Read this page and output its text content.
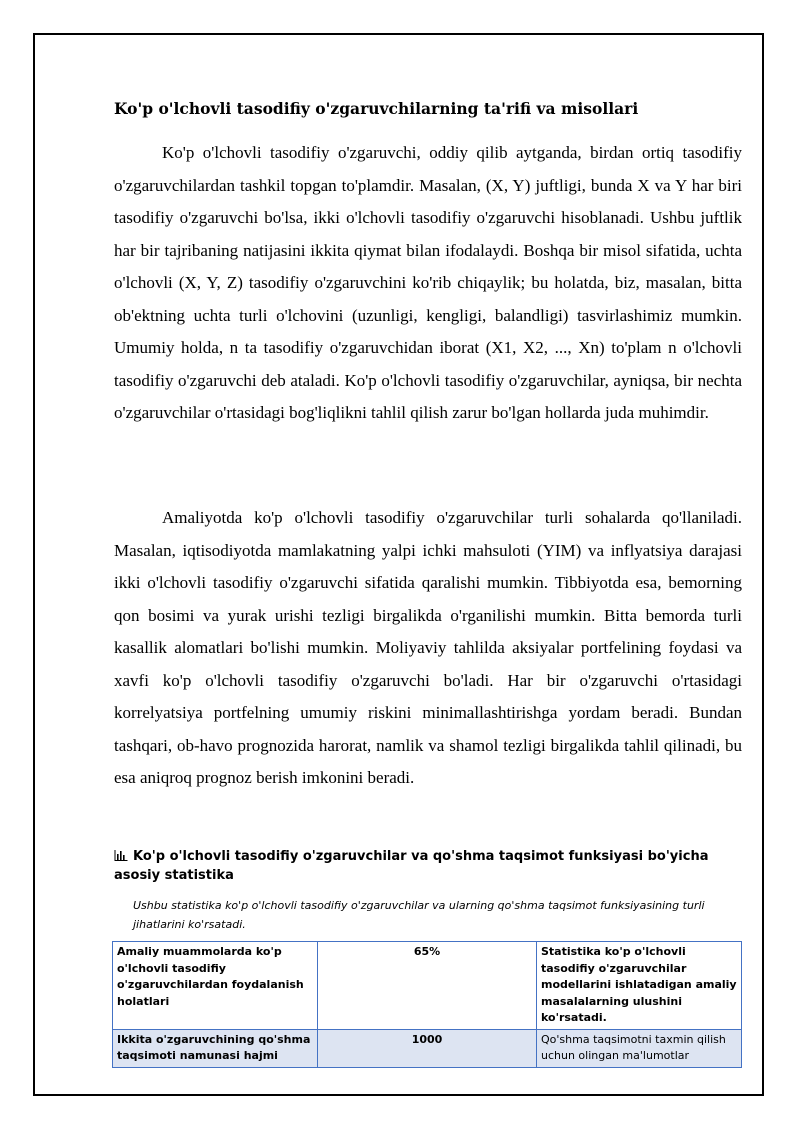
Ko'p o'lchovli tasodifiy o'zgaruvchilarning ta'rifi va misollari

Ko'p o'lchovli tasodifiy o'zgaruvchi, oddiy qilib aytganda, birdan ortiq tasodifiy o'zgaruvchilardan tashkil topgan to'plamdir. Masalan, (X, Y) juftligi, bunda X va Y har biri tasodifiy o'zgaruvchi bo'lsa, ikki o'lchovli tasodifiy o'zgaruvchi hisoblanadi. Ushbu juftlik har bir tajribaning natijasini ikkita qiymat bilan ifodalaydi. Boshqa bir misol sifatida, uchta o'lchovli (X, Y, Z) tasodifiy o'zgaruvchini ko'rib chiqaylik; bu holatda, biz, masalan, bitta ob'ektning uchta turli o'lchovini (uzunligi, kengligi, balandligi) tasvirlashimiz mumkin. Umumiy holda, n ta tasodifiy o'zgaruvchidan iborat (X1, X2, ..., Xn) to'plam n o'lchovli tasodifiy o'zgaruvchi deb ataladi. Ko'p o'lchovli tasodifiy o'zgaruvchilar, ayniqsa, bir nechta o'zgaruvchilar o'rtasidagi bog'liqlikni tahlil qilish zarur bo'lgan hollarda juda muhimdir.

Amaliyotda ko'p o'lchovli tasodifiy o'zgaruvchilar turli sohalarda qo'llaniladi. Masalan, iqtisodiyotda mamlakatning yalpi ichki mahsuloti (YIM) va inflyatsiya darajasi ikki o'lchovli tasodifiy o'zgaruvchi sifatida qaralishi mumkin. Tibbiyotda esa, bemorning qon bosimi va yurak urishi tezligi birgalikda o'rganilishi mumkin. Bitta bemorda turli kasallik alomatlari bo'lishi mumkin. Moliyaviy tahlilda aksiyalar portfelining foydasi va xavfi ko'p o'lchovli tasodifiy o'zgaruvchi bo'ladi. Har bir o'zgaruvchi o'rtasidagi korrelyatsiya portfelning umumiy riskini minimallashtirishga yordam beradi. Bundan tashqari, ob-havo prognozida harorat, namlik va shamol tezligi birgalikda tahlil qilinadi, bu esa aniqroq prognoz berish imkonini beradi.

Ko'p o'lchovli tasodifiy o'zgaruvchilar va qo'shma taqsimot funksiyasi bo'yicha asosiy statistika
Ushbu statistika ko'p o'lchovli tasodifiy o'zgaruvchilar va ularning qo'shma taqsimot funksiyasining turli jihatlarini ko'rsatadi.
Amaliy muammolarda ko'p o'lchovli tasodifiy o'zgaruvchilardan foydalanish holatlari	65%	Statistika ko'p o'lchovli tasodifiy o'zgaruvchilar modellarini ishlatadigan amaliy masalalarning ulushini ko'rsatadi.
Ikkita o'zgaruvchining qo'shma taqsimoti namunasi hajmi	1000	Qo'shma taqsimotni taxmin qilish uchun olingan ma'lumotlar
